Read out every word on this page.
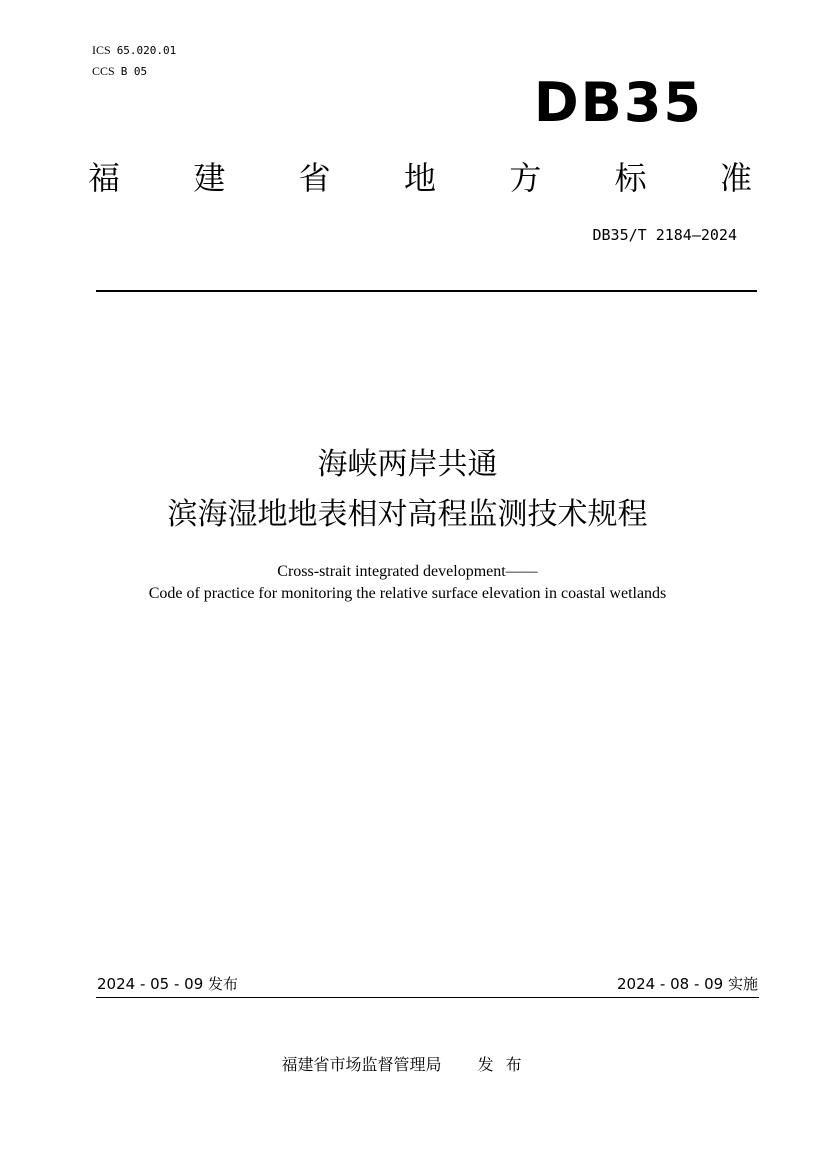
ICS 65.020.01
CCS B 05	DB35
福 建 省 地 方 标 准
DB35/T 2184—2024
海峡两岸共通
滨海湿地地表相对高程监测技术规程
Cross-strait integrated development——
Code of practice for monitoring the relative surface elevation in coastal wetlands
2024 - 05 - 09 发布	2024 - 08 - 09 实施
福建省市场监督管理局 发布
